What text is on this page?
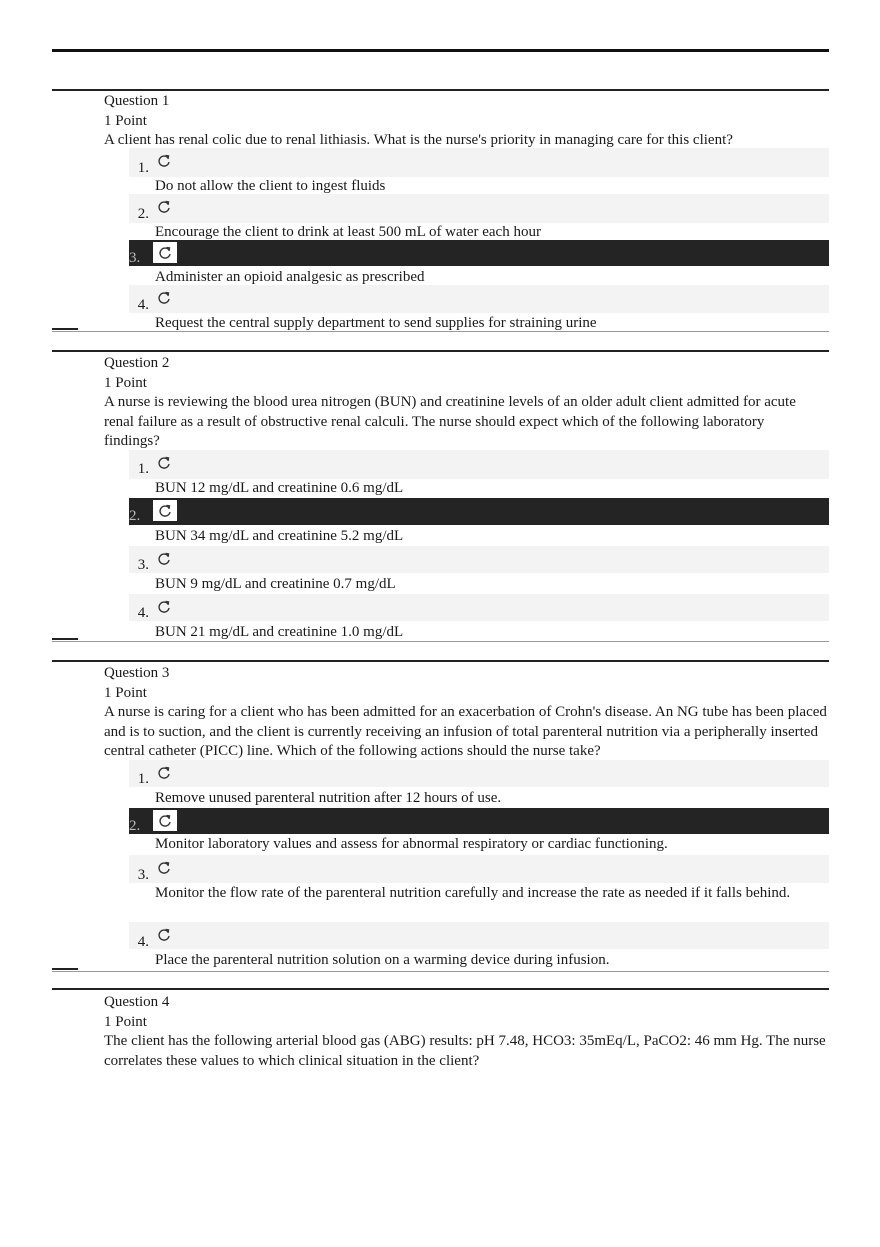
Question 1
1 Point
A client has renal colic due to renal lithiasis. What is the nurse's priority in managing care for this client?
1.
Do not allow the client to ingest fluids
2.
Encourage the client to drink at least 500 mL of water each hour
3.
Administer an opioid analgesic as prescribed
4.
Request the central supply department to send supplies for straining urine
Question 2
1 Point
A nurse is reviewing the blood urea nitrogen (BUN) and creatinine levels of an older adult client admitted for acute renal failure as a result of obstructive renal calculi. The nurse should expect which of the following laboratory findings?
1.
BUN 12 mg/dL and creatinine 0.6 mg/dL
2.
BUN 34 mg/dL and creatinine 5.2 mg/dL
3.
BUN 9 mg/dL and creatinine 0.7 mg/dL
4.
BUN 21 mg/dL and creatinine 1.0 mg/dL
Question 3
1 Point
A nurse is caring for a client who has been admitted for an exacerbation of Crohn's disease. An NG tube has been placed and is to suction, and the client is currently receiving an infusion of total parenteral nutrition via a peripherally inserted central catheter (PICC) line. Which of the following actions should the nurse take?
1.
Remove unused parenteral nutrition after 12 hours of use.
2.
Monitor laboratory values and assess for abnormal respiratory or cardiac functioning.
3.
Monitor the flow rate of the parenteral nutrition carefully and increase the rate as needed if it falls behind.
4.
Place the parenteral nutrition solution on a warming device during infusion.
Question 4
1 Point
The client has the following arterial blood gas (ABG) results: pH 7.48, HCO3: 35mEq/L, PaCO2: 46 mm Hg. The nurse correlates these values to which clinical situation in the client?
